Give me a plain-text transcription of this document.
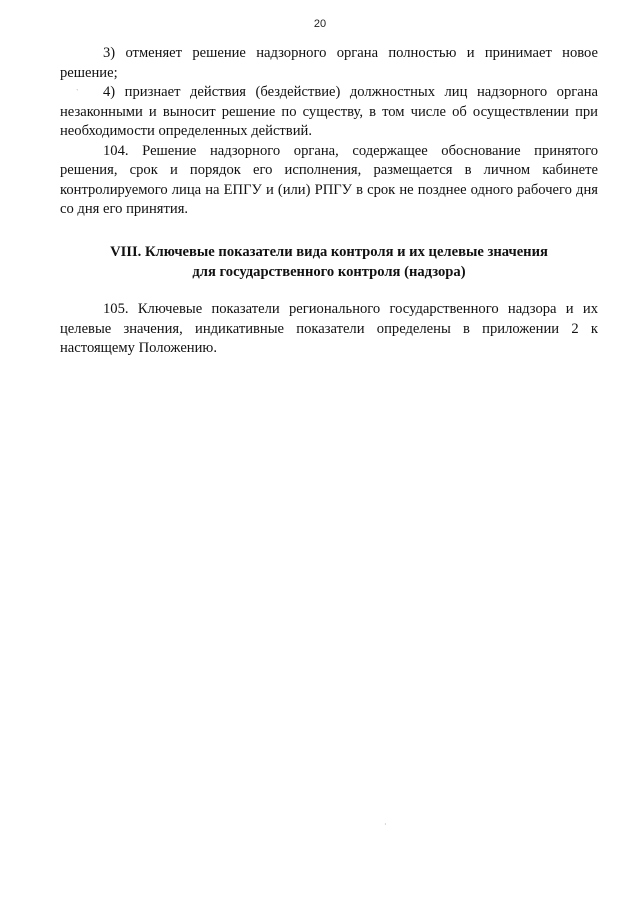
20
ˋ

3) отменяет решение надзорного органа полностью и принимает новое решение;

4) признает действия (бездействие) должностных лиц надзорного органа незаконными и выносит решение по существу, в том числе об осуществлении при необходимости определенных действий.

104. Решение надзорного органа, содержащее обоснование принятого решения, срок и порядок его исполнения, размещается в личном кабинете контролируемого лица на ЕПГУ и (или) РПГУ в срок не позднее одного рабочего дня со дня его принятия.

VIII. Ключевые показатели вида контроля и их целевые значения
для государственного контроля (надзора)

105. Ключевые показатели регионального государственного надзора и их целевые значения, индикативные показатели определены в приложении 2 к настоящему Положению.

·
